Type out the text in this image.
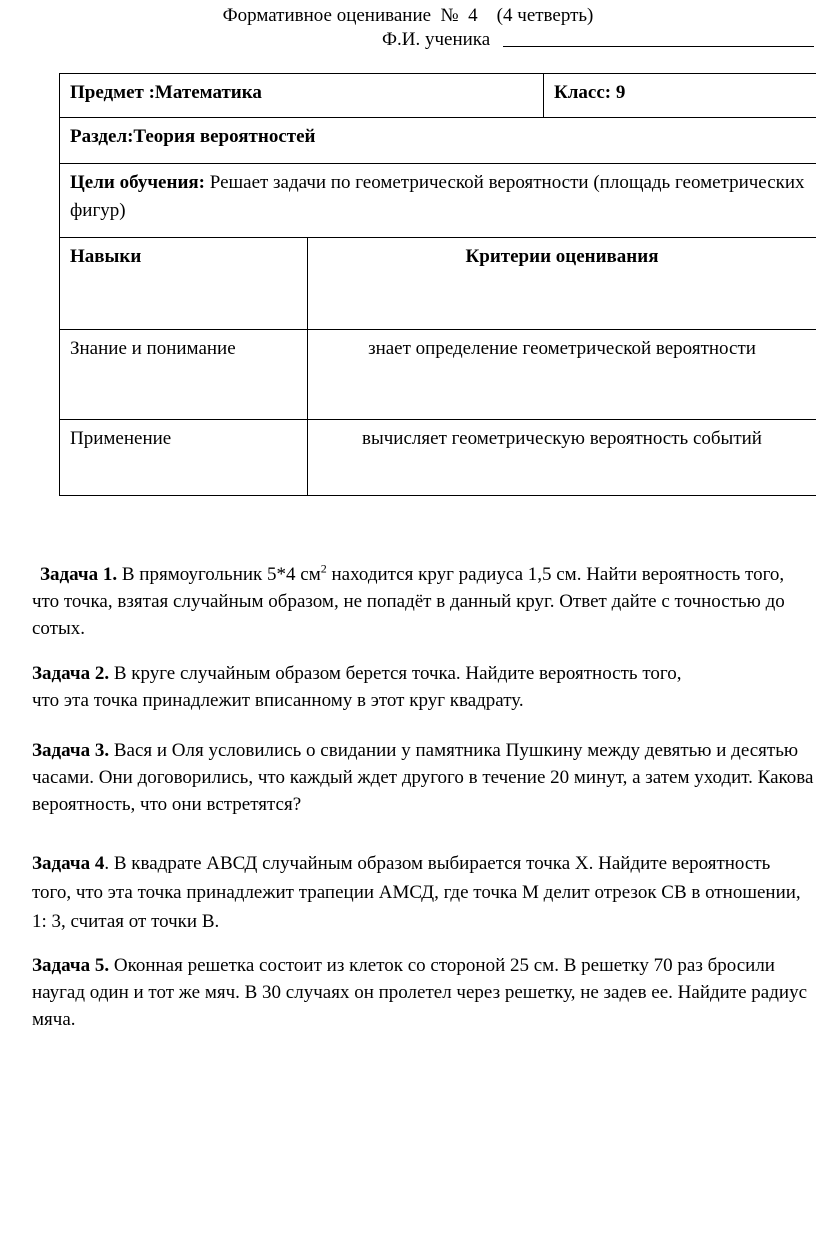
Формативное оценивание  №  4    (4 четверть)
Ф.И. ученика
Предмет :Математика		Класс: 9
Раздел:Теория вероятностей		
Цели обучения: Решает задачи по геометрической вероятности (площадь геометрических фигур)		
Навыки	Критерии оценивания	
Знание и понимание	знает определение геометрической вероятности	
Применение	вычисляет геометрическую вероятность событий	

Задача 1. В прямоугольник 5*4 $см^2$ находится круг радиуса 1,5 см. Найти вероятность того, что точка, взятая случайным образом, не попадёт в данный круг. Ответ дайте с точностью до сотых.

Задача 2. В круге случайным образом берется точка. Найдите вероятность того,

что эта точка принадлежит вписанному в этот круг квадрату.

Задача 3. Вася и Оля условились о свидании у памятника Пушкину между девятью и десятью часами. Они договорились, что каждый ждет другого в течение 20 минут, а затем уходит. Какова вероятность, что они встретятся?

Задача 4. В квадрате АВСД случайным образом выбирается точка Х. Найдите вероятность того, что эта точка принадлежит трапеции АМСД, где точка М делит отрезок СВ в отношении, 1: 3, считая от точки В.

Задача 5. Оконная решетка состоит из клеток со стороной 25 см. В решетку 70 раз бросили наугад один и тот же мяч. В 30 случаях он пролетел через решетку, не задев ее. Найдите радиус мяча.
